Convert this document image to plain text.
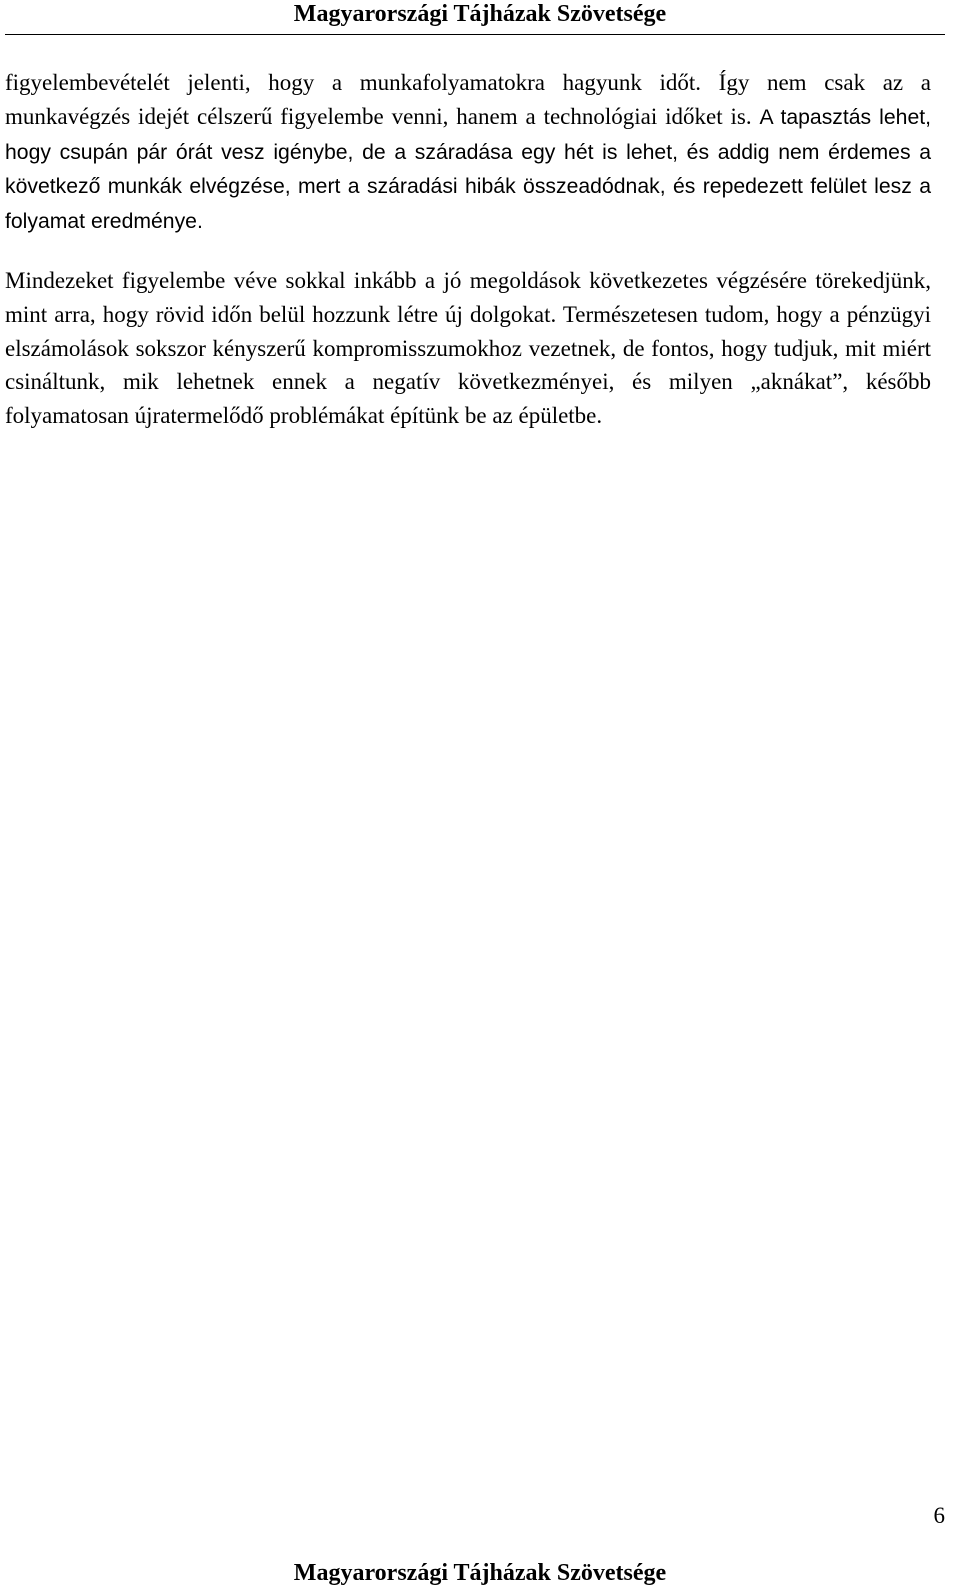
Magyarországi Tájházak Szövetsége

figyelembevételét jelenti, hogy a munkafolyamatokra hagyunk időt. Így nem csak az a munkavégzés idejét célszerű figyelembe venni, hanem a technológiai időket is. A tapasztás lehet, hogy csupán pár órát vesz igénybe, de a száradása egy hét is lehet, és addig nem érdemes a következő munkák elvégzése, mert a száradási hibák összeadódnak, és repedezett felület lesz a folyamat eredménye.

Mindezeket figyelembe véve sokkal inkább a jó megoldások következetes végzésére törekedjünk, mint arra, hogy rövid időn belül hozzunk létre új dolgokat. Természetesen tudom, hogy a pénzügyi elszámolások sokszor kényszerű kompromisszumokhoz vezetnek, de fontos, hogy tudjuk, mit miért csináltunk, mik lehetnek ennek a negatív következményei, és milyen „aknákat”, később folyamatosan újratermelődő problémákat építünk be az épületbe.

6
Magyarországi Tájházak Szövetsége
